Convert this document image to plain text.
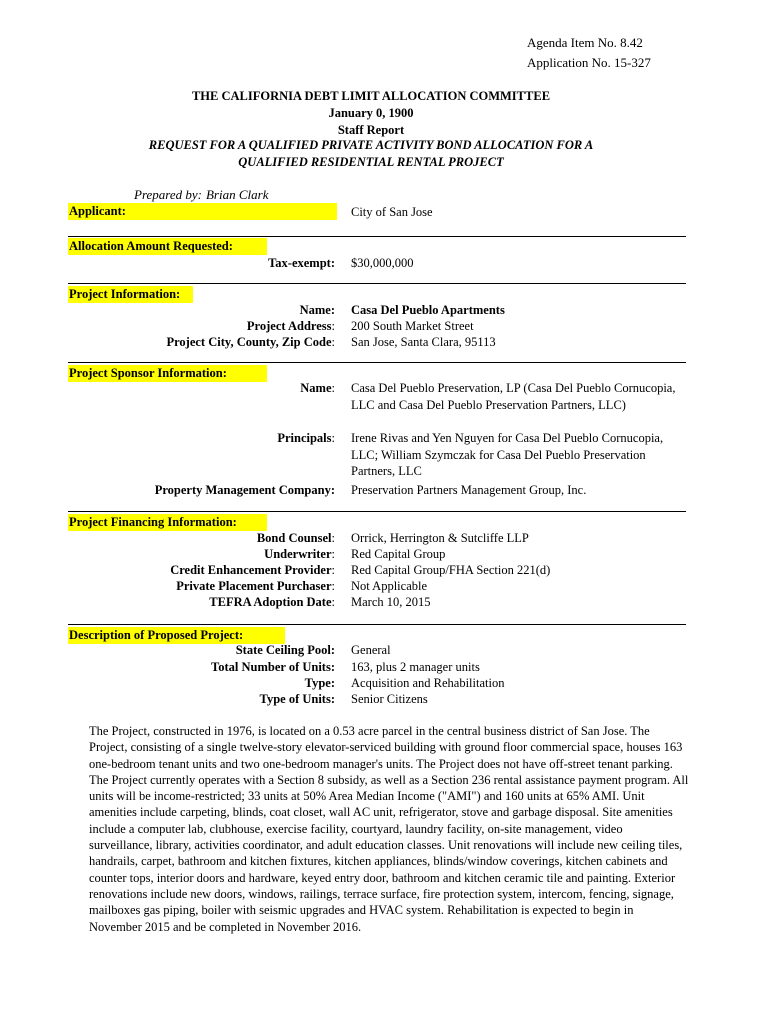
Agenda Item No. 8.42
Application No. 15-327
THE CALIFORNIA DEBT LIMIT ALLOCATION COMMITTEE
January 0, 1900
Staff Report
REQUEST FOR A QUALIFIED PRIVATE ACTIVITY BOND ALLOCATION FOR A
QUALIFIED RESIDENTIAL RENTAL PROJECT
Prepared by: Brian Clark
Applicant:	City of San Jose
Allocation Amount Requested:
Tax-exempt: $30,000,000
Project Information:
Name: Casa Del Pueblo Apartments
Project Address: 200 South Market Street
Project City, County, Zip Code: San Jose, Santa Clara, 95113
Project Sponsor Information:
Name: Casa Del Pueblo Preservation, LP (Casa Del Pueblo Cornucopia, LLC and Casa Del Pueblo Preservation Partners, LLC)
Principals: Irene Rivas and Yen Nguyen for Casa Del Pueblo Cornucopia, LLC; William Szymczak for Casa Del Pueblo Preservation Partners, LLC
Property Management Company: Preservation Partners Management Group, Inc.
Project Financing Information:
Bond Counsel: Orrick, Herrington & Sutcliffe LLP
Underwriter: Red Capital Group
Credit Enhancement Provider: Red Capital Group/FHA Section 221(d)
Private Placement Purchaser: Not Applicable
TEFRA Adoption Date: March 10, 2015
Description of Proposed Project:
State Ceiling Pool: General
Total Number of Units: 163, plus 2 manager units
Type: Acquisition and Rehabilitation
Type of Units: Senior Citizens
The Project, constructed in 1976, is located on a 0.53 acre parcel in the central business district of San Jose. The Project, consisting of a single twelve-story elevator-serviced building with ground floor commercial space, houses 163 one-bedroom tenant units and two one-bedroom manager's units. The Project does not have off-street tenant parking. The Project currently operates with a Section 8 subsidy, as well as a Section 236 rental assistance payment program. All units will be income-restricted; 33 units at 50% Area Median Income ("AMI") and 160 units at 65% AMI. Unit amenities include carpeting, blinds, coat closet, wall AC unit, refrigerator, stove and garbage disposal. Site amenities include a computer lab, clubhouse, exercise facility, courtyard, laundry facility, on-site management, video surveillance, library, activities coordinator, and adult education classes. Unit renovations will include new ceiling tiles, handrails, carpet, bathroom and kitchen fixtures, kitchen appliances, blinds/window coverings, kitchen cabinets and counter tops, interior doors and hardware, keyed entry door, bathroom and kitchen ceramic tile and painting. Exterior renovations include new doors, windows, railings, terrace surface, fire protection system, intercom, fencing, signage, mailboxes gas piping, boiler with seismic upgrades and HVAC system. Rehabilitation is expected to begin in November 2015 and be completed in November 2016.
